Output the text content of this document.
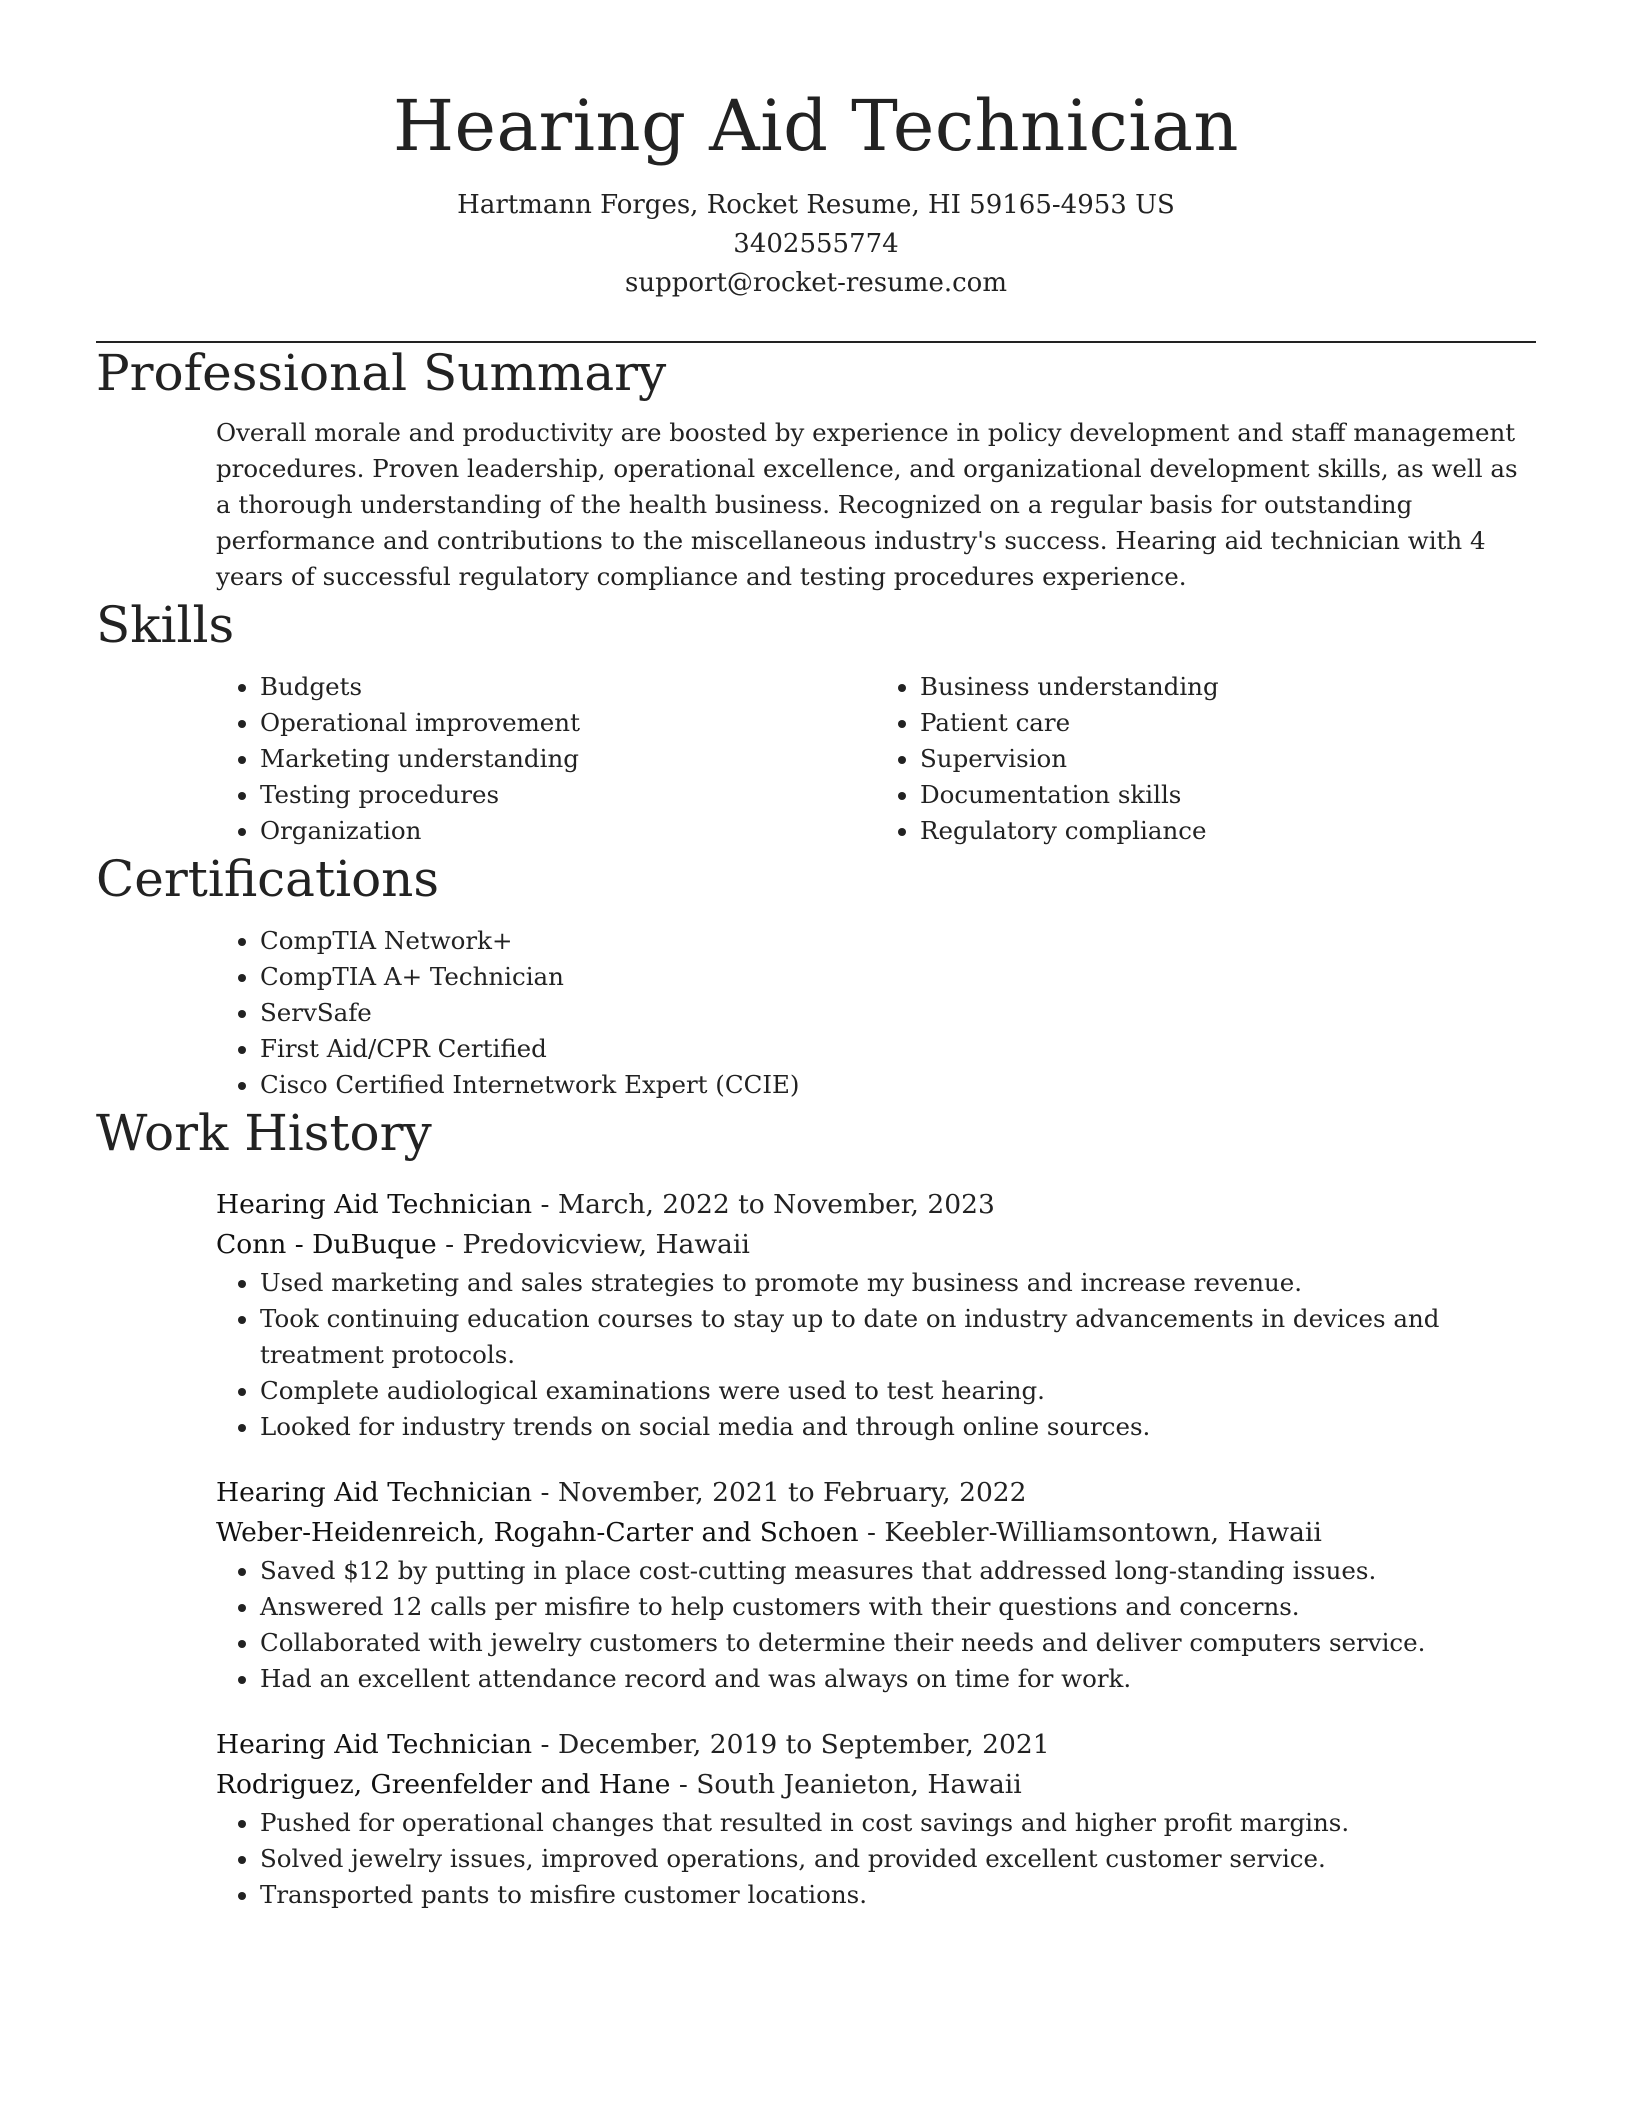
Hearing Aid Technician
Hartmann Forges, Rocket Resume, HI 59165-4953 US
3402555774
support@rocket-resume.com
Professional Summary
Overall morale and productivity are boosted by experience in policy development and staff management procedures. Proven leadership, operational excellence, and organizational development skills, as well as a thorough understanding of the health business. Recognized on a regular basis for outstanding performance and contributions to the miscellaneous industry's success. Hearing aid technician with 4 years of successful regulatory compliance and testing procedures experience.
Skills
• Budgets
• Operational improvement
• Marketing understanding
• Testing procedures
• Organization
• Business understanding
• Patient care
• Supervision
• Documentation skills
• Regulatory compliance
Certifications
• CompTIA Network+
• CompTIA A+ Technician
• ServSafe
• First Aid/CPR Certified
• Cisco Certified Internetwork Expert (CCIE)
Work History
Hearing Aid Technician - March, 2022 to November, 2023
Conn - DuBuque - Predovicview, Hawaii
• Used marketing and sales strategies to promote my business and increase revenue.
• Took continuing education courses to stay up to date on industry advancements in devices and treatment protocols.
• Complete audiological examinations were used to test hearing.
• Looked for industry trends on social media and through online sources.
Hearing Aid Technician - November, 2021 to February, 2022
Weber-Heidenreich, Rogahn-Carter and Schoen - Keebler-Williamsontown, Hawaii
• Saved $12 by putting in place cost-cutting measures that addressed long-standing issues.
• Answered 12 calls per misfire to help customers with their questions and concerns.
• Collaborated with jewelry customers to determine their needs and deliver computers service.
• Had an excellent attendance record and was always on time for work.
Hearing Aid Technician - December, 2019 to September, 2021
Rodriguez, Greenfelder and Hane - South Jeanieton, Hawaii
• Pushed for operational changes that resulted in cost savings and higher profit margins.
• Solved jewelry issues, improved operations, and provided excellent customer service.
• Transported pants to misfire customer locations.
